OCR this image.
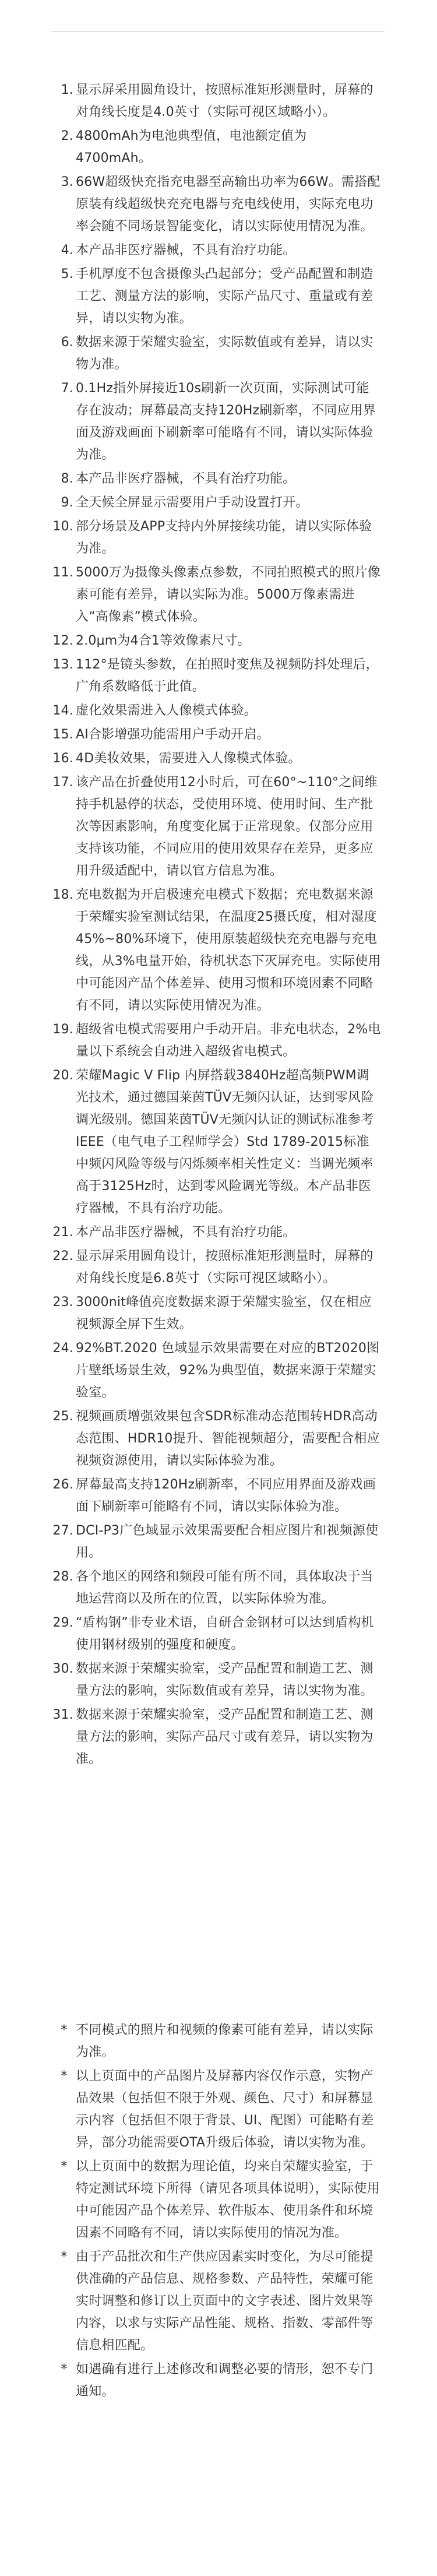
1. 显示屏采用圆角设计，按照标准矩形测量时，屏幕的对角线长度是4.0英寸（实际可视区域略小）。
2. 4800mAh为电池典型值，电池额定值为4700mAh。
3. 66W超级快充指充电器至高输出功率为66W。需搭配原装有线超级快充充电器与充电线使用，实际充电功率会随不同场景智能变化，请以实际使用情况为准。
4. 本产品非医疗器械，不具有治疗功能。
5. 手机厚度不包含摄像头凸起部分；受产品配置和制造工艺、测量方法的影响，实际产品尺寸、重量或有差异，请以实物为准。
6. 数据来源于荣耀实验室，实际数值或有差异，请以实物为准。
7. 0.1Hz指外屏接近10s刷新一次页面，实际测试可能存在波动；屏幕最高支持120Hz刷新率，不同应用界面及游戏画面下刷新率可能略有不同，请以实际体验为准。
8. 本产品非医疗器械，不具有治疗功能。
9. 全天候全屏显示需要用户手动设置打开。
10. 部分场景及APP支持内外屏接续功能，请以实际体验为准。
11. 5000万为摄像头像素点参数，不同拍照模式的照片像素可能有差异，请以实际为准。5000万像素需进入“高像素”模式体验。
12. 2.0μm为4合1等效像素尺寸。
13. 112°是镜头参数，在拍照时变焦及视频防抖处理后，广角系数略低于此值。
14. 虚化效果需进入人像模式体验。
15. AI合影增强功能需用户手动开启。
16. 4D美妆效果，需要进入人像模式体验。
17. 该产品在折叠使用12小时后，可在60°~110°之间维持手机悬停的状态，受使用环境、使用时间、生产批次等因素影响，角度变化属于正常现象。仅部分应用支持该功能，不同应用的使用效果存在差异，更多应用升级适配中，请以官方信息为准。
18. 充电数据为开启极速充电模式下数据；充电数据来源于荣耀实验室测试结果，在温度25摄氏度，相对湿度45%~80%环境下，使用原装超级快充充电器与充电线，从3%电量开始，待机状态下灭屏充电。实际使用中可能因产品个体差异、使用习惯和环境因素不同略有不同，请以实际使用情况为准。
19. 超级省电模式需要用户手动开启。非充电状态，2%电量以下系统会自动进入超级省电模式。
20. 荣耀Magic V Flip 内屏搭载3840Hz超高频PWM调光技术，通过德国莱茵TÜV无频闪认证，达到零风险调光级别。德国莱茵TÜV无频闪认证的测试标准参考IEEE（电气电子工程师学会）Std 1789-2015标准中频闪风险等级与闪烁频率相关性定义：当调光频率高于3125Hz时，达到零风险调光等级。本产品非医疗器械，不具有治疗功能。
21. 本产品非医疗器械，不具有治疗功能。
22. 显示屏采用圆角设计，按照标准矩形测量时，屏幕的对角线长度是6.8英寸（实际可视区域略小）。
23. 3000nit峰值亮度数据来源于荣耀实验室，仅在相应视频源全屏下生效。
24. 92%BT.2020 色域显示效果需要在对应的BT2020图片壁纸场景生效，92%为典型值，数据来源于荣耀实验室。
25. 视频画质增强效果包含SDR标准动态范围转HDR高动态范围、HDR10提升、智能视频超分，需要配合相应视频资源使用，请以实际体验为准。
26. 屏幕最高支持120Hz刷新率，不同应用界面及游戏画面下刷新率可能略有不同，请以实际体验为准。
27. DCI-P3广色域显示效果需要配合相应图片和视频源使用。
28. 各个地区的网络和频段可能有所不同，具体取决于当地运营商以及所在的位置，以实际体验为准。
29. “盾构钢”非专业术语，自研合金钢材可以达到盾构机使用钢材级别的强度和硬度。
30. 数据来源于荣耀实验室，受产品配置和制造工艺、测量方法的影响，实际数值或有差异，请以实物为准。
31. 数据来源于荣耀实验室，受产品配置和制造工艺、测量方法的影响，实际产品尺寸或有差异，请以实物为准。
* 不同模式的照片和视频的像素可能有差异，请以实际为准。
* 以上页面中的产品图片及屏幕内容仅作示意，实物产品效果（包括但不限于外观、颜色、尺寸）和屏幕显示内容（包括但不限于背景、UI、配图）可能略有差异，部分功能需要OTA升级后体验，请以实物为准。
* 以上页面中的数据为理论值，均来自荣耀实验室，于特定测试环境下所得（请见各项具体说明），实际使用中可能因产品个体差异、软件版本、使用条件和环境因素不同略有不同，请以实际使用的情况为准。
* 由于产品批次和生产供应因素实时变化，为尽可能提供准确的产品信息、规格参数、产品特性，荣耀可能实时调整和修订以上页面中的文字表述、图片效果等内容，以求与实际产品性能、规格、指数、零部件等信息相匹配。
* 如遇确有进行上述修改和调整必要的情形，恕不专门通知。
